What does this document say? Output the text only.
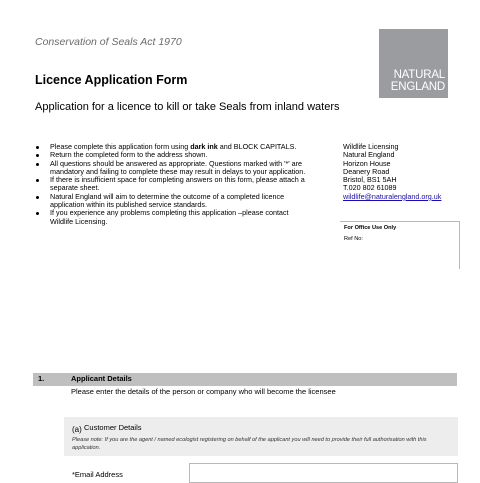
Conservation of Seals Act 1970
NATURAL
ENGLAND
Licence Application Form
Application for a licence to kill or take Seals from inland waters
Please complete this application form using dark ink and BLOCK CAPITALS.
Return the completed form to the address shown.
All questions should be answered as appropriate. Questions marked with '*' are mandatory and failing to complete these may result in delays to your application.
If there is insufficient space for completing answers on this form, please attach a separate sheet.
Natural England will aim to determine the outcome of a completed licence application within its published service standards.
If you experience any problems completing this application –please contact Wildlife Licensing.
Wildlife Licensing
Natural England
Horizon House
Deanery Road
Bristol, BS1 5AH
T.020 802 61089
wildlife@naturalengland.org.uk
For Office Use Only
Ref No:
1.	Applicant Details
Please enter the details of the person or company who will become the licensee
(a) Customer Details
Please note: If you are the agent / named ecologist registering on behalf of the applicant you will need to provide their full authorisation with this application.
*Email Address
